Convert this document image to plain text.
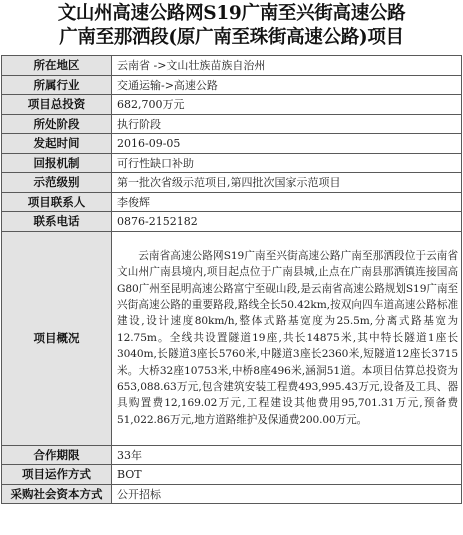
文山州高速公路网S19广南至兴街高速公路
广南至那洒段(原广南至珠街高速公路)项目
所在地区	云南省 ->文山壮族苗族自治州
所属行业	交通运输->高速公路
项目总投资	682,700万元
所处阶段	执行阶段
发起时间	2016-09-05
回报机制	可行性缺口补助
示范级别	第一批次省级示范项目,第四批次国家示范项目
项目联系人	李俊辉
联系电话	0876-2152182
项目概况	云南省高速公路网S19广南至兴街高速公路广南至那洒段位于云南省文山州广南县境内,项目起点位于广南县城,止点在广南县那洒镇连接国高G80广州至昆明高速公路富宁至砚山段,是云南省高速公路规划S19广南至兴街高速公路的重要路段,路线全长50.42km,按双向四车道高速公路标准建设,设计速度80km/h,整体式路基宽度为25.5m,分离式路基宽为12.75m。全线共设置隧道19座,共长14875米,其中特长隧道1座长3040m,长隧道3座长5760米,中隧道3座长2360米,短隧道12座长3715米。大桥32座10753米,中桥8座496米,涵洞51道。本项目估算总投资为653,088.63万元,包含建筑安装工程费493,995.43万元,设备及工具、器具购置费12,169.02万元,工程建设其他费用95,701.31万元,预备费51,022.86万元,地方道路维护及保通费200.00万元。

合作期限	33年
项目运作方式	BOT
采购社会资本方式	公开招标
